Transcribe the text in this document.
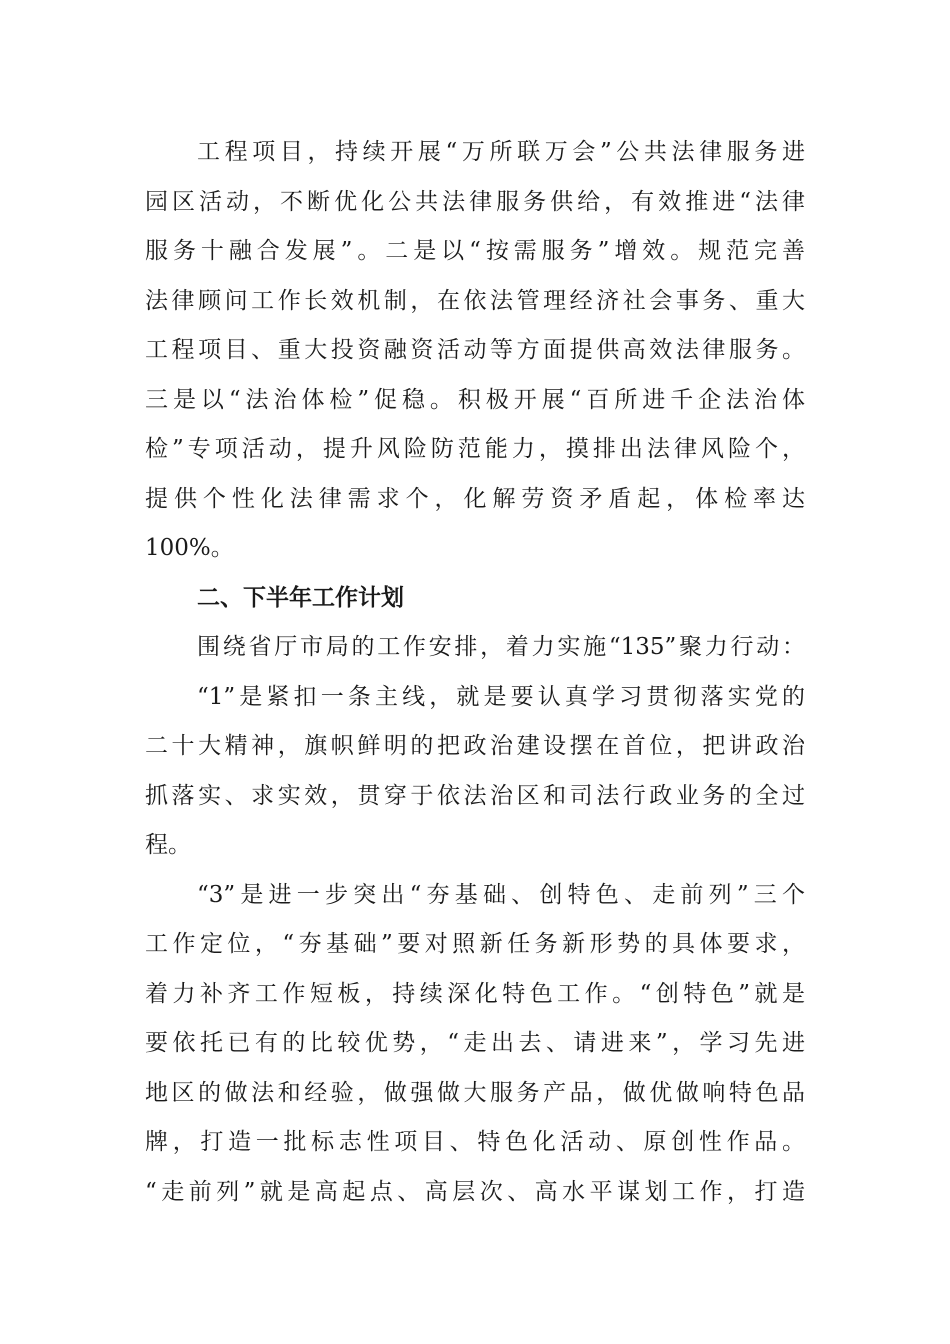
工程项目，持续开展“万所联万会”公共法律服务进
园区活动，不断优化公共法律服务供给，有效推进“法律
服务十融合发展”。二是以“按需服务”增效。规范完善
法律顾问工作长效机制，在依法管理经济社会事务、重大
工程项目、重大投资融资活动等方面提供高效法律服务。
三是以“法治体检”促稳。积极开展“百所进千企法治体
检”专项活动，提升风险防范能力，摸排出法律风险个，
提供个性化法律需求个，化解劳资矛盾起，体检率达
100%。
二、下半年工作计划
围绕省厅市局的工作安排，着力实施“135”聚力行动：
“1”是紧扣一条主线，就是要认真学习贯彻落实党的
二十大精神，旗帜鲜明的把政治建设摆在首位，把讲政治
抓落实、求实效，贯穿于依法治区和司法行政业务的全过
程。
“3”是进一步突出“夯基础、创特色、走前列”三个
工作定位，“夯基础”要对照新任务新形势的具体要求，
着力补齐工作短板，持续深化特色工作。“创特色”就是
要依托已有的比较优势，“走出去、请进来”，学习先进
地区的做法和经验，做强做大服务产品，做优做响特色品
牌，打造一批标志性项目、特色化活动、原创性作品。
“走前列”就是高起点、高层次、高水平谋划工作，打造
